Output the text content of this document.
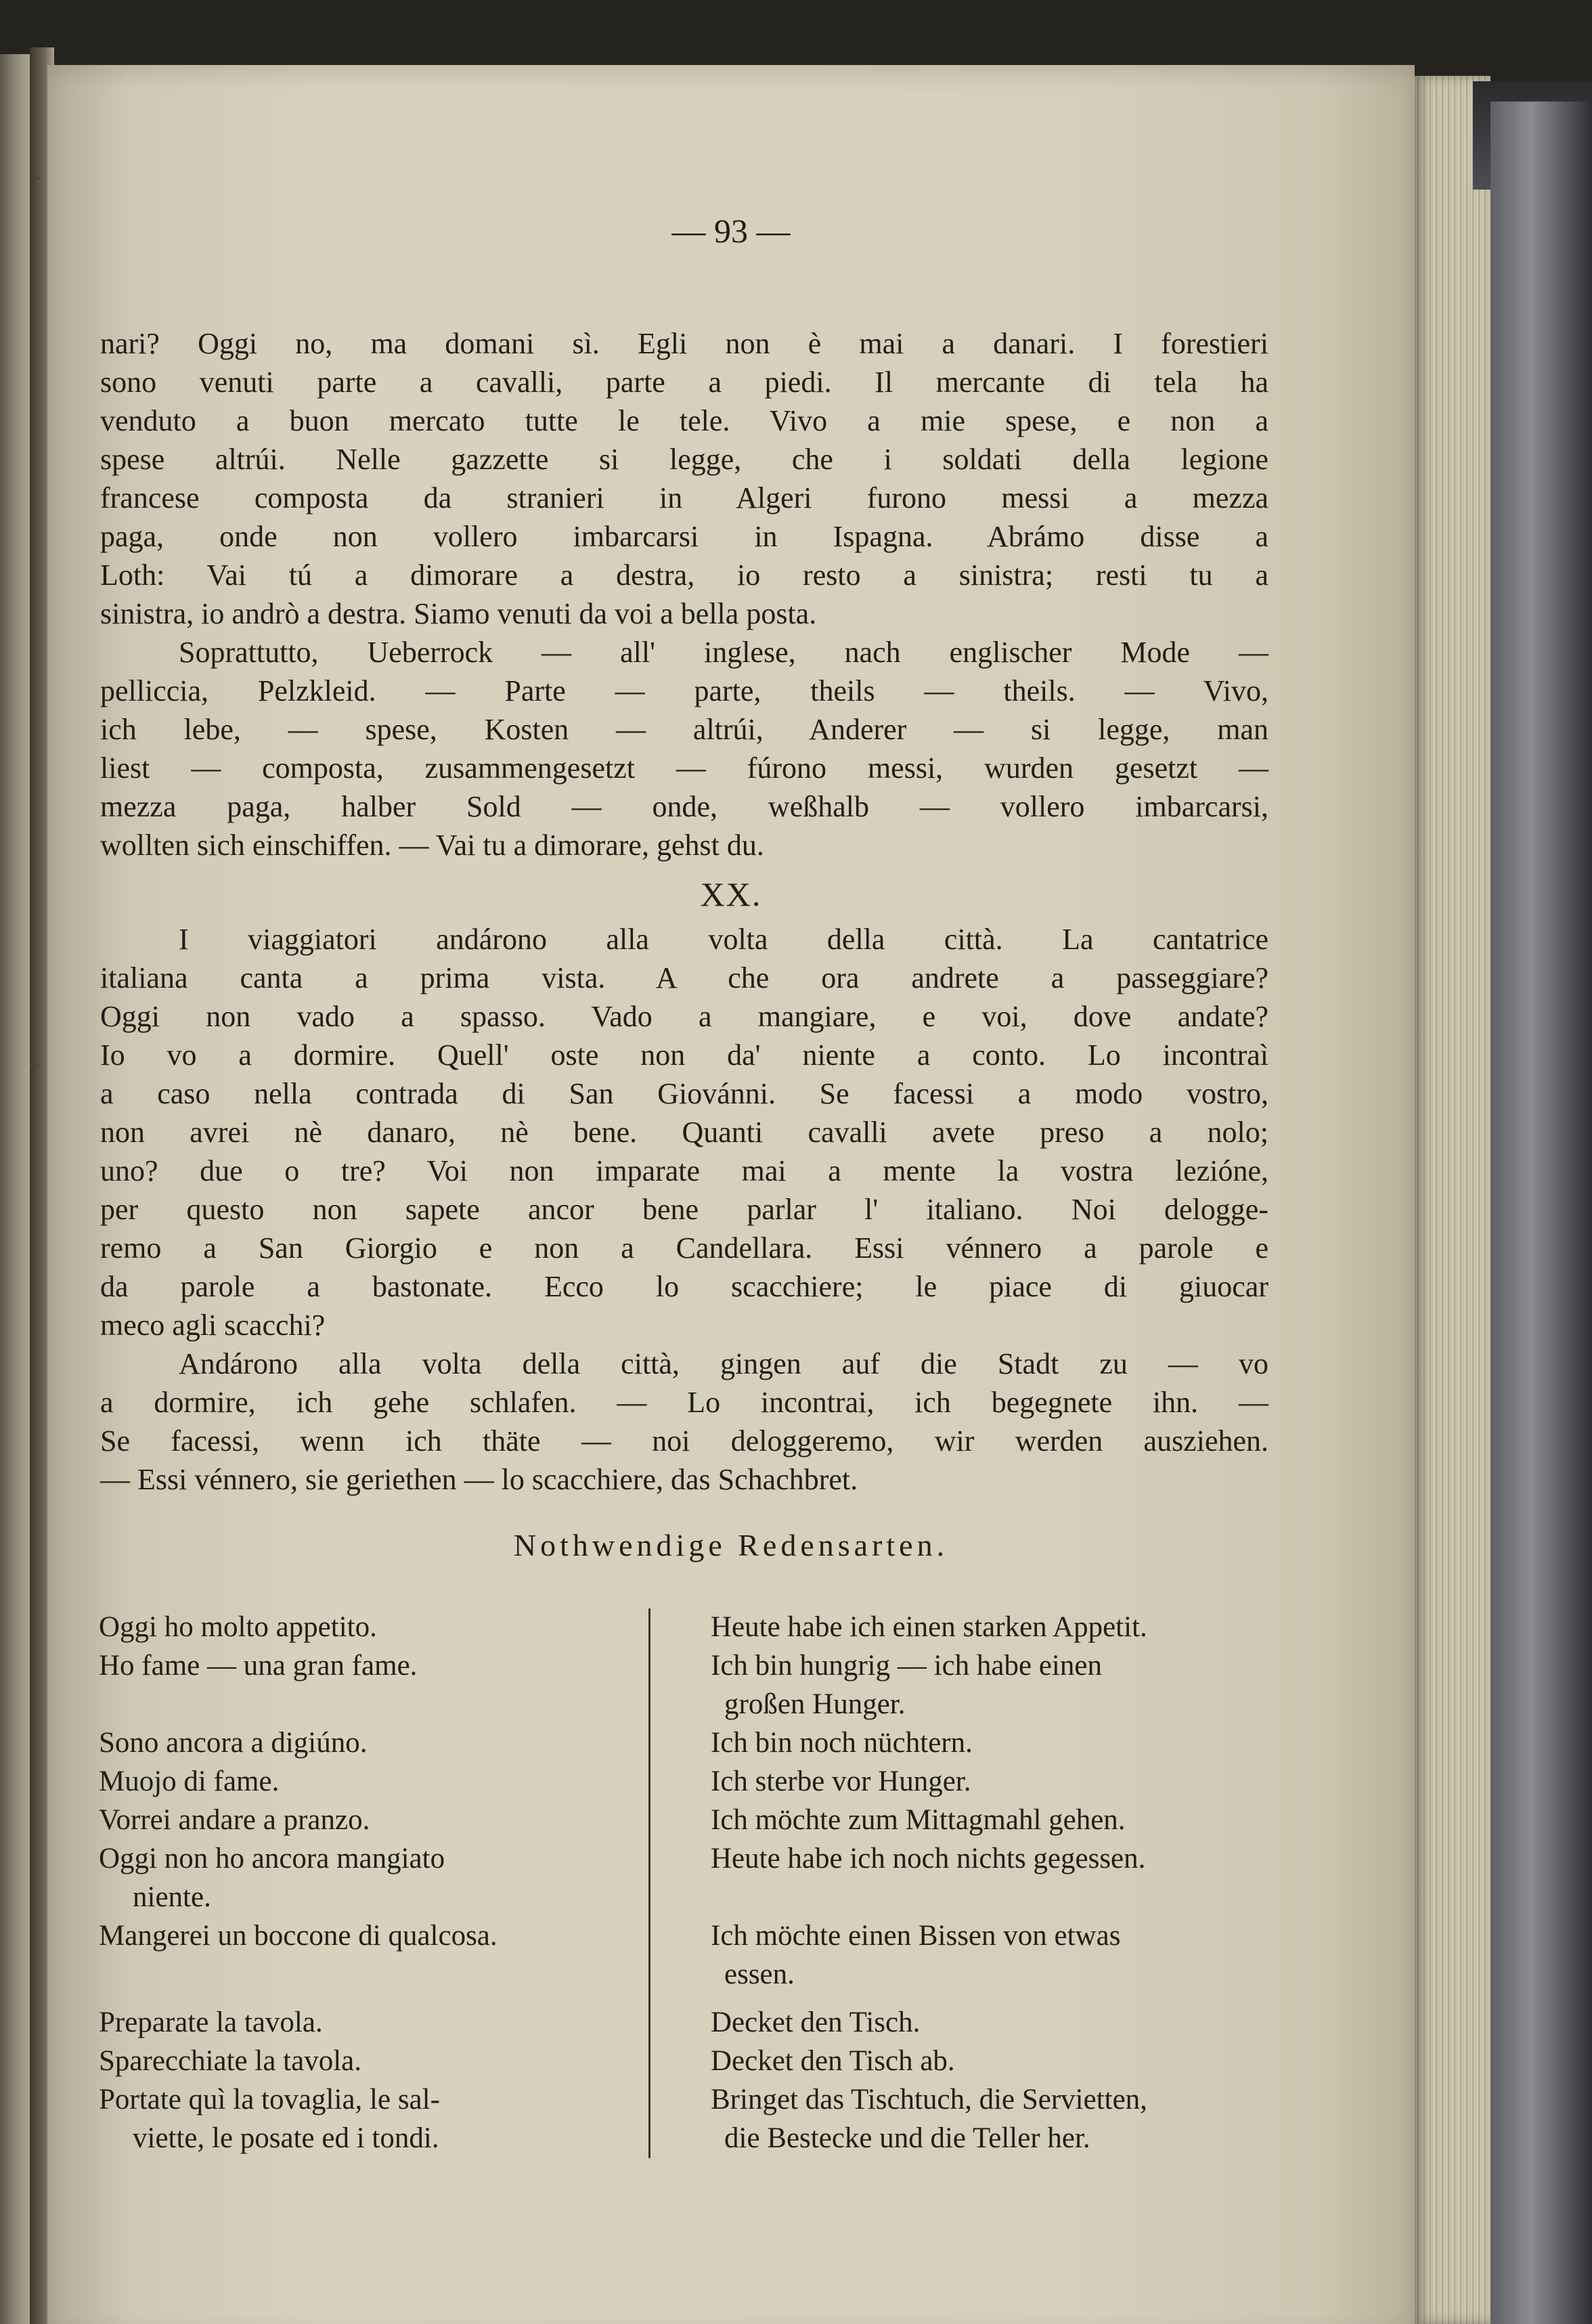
— 93 —
nari? Oggi no, ma domani sì. Egli non è mai a danari. I forestieri
sono venuti parte a cavalli, parte a piedi. Il mercante di tela ha
venduto a buon mercato tutte le tele. Vivo a mie spese, e non a
spese altrúi. Nelle gazzette si legge, che i soldati della legione
francese composta da stranieri in Algeri furono messi a mezza
paga, onde non vollero imbarcarsi in Ispagna. Abrámo disse a
Loth: Vai tú a dimorare a destra, io resto a sinistra; resti tu a
sinistra, io andrò a destra. Siamo venuti da voi a bella posta.
Soprattutto, Ueberrock — all' inglese, nach englischer Mode —
pelliccia, Pelzkleid. — Parte — parte, theils — theils. — Vivo,
ich lebe, — spese, Kosten — altrúi, Anderer — si legge, man
liest — composta, zusammengesetzt — fúrono messi, wurden gesetzt —
mezza paga, halber Sold — onde, weßhalb — vollero imbarcarsi,
wollten sich einschiffen. — Vai tu a dimorare, gehst du.
XX.
I viaggiatori andárono alla volta della città. La cantatrice
italiana canta a prima vista. A che ora andrete a passeggiare?
Oggi non vado a spasso. Vado a mangiare, e voi, dove andate?
Io vo a dormire. Quell' oste non da' niente a conto. Lo incontraì
a caso nella contrada di San Giovánni. Se facessi a modo vostro,
non avrei nè danaro, nè bene. Quanti cavalli avete preso a nolo;
uno? due o tre? Voi non imparate mai a mente la vostra lezióne,
per questo non sapete ancor bene parlar l' italiano. Noi delogge-
remo a San Giorgio e non a Candellara. Essi vénnero a parole e
da parole a bastonate. Ecco lo scacchiere; le piace di giuocar
meco agli scacchi?
Andárono alla volta della città, gingen auf die Stadt zu — vo
a dormire, ich gehe schlafen. — Lo incontrai, ich begegnete ihn. —
Se facessi, wenn ich thäte — noi deloggeremo, wir werden ausziehen.
— Essi vénnero, sie geriethen — lo scacchiere, das Schachbret.
Nothwendige Redensarten.
Oggi ho molto appetito.	Heute habe ich einen starken Appetit.
Ho fame — una gran fame.	Ich bin hungrig — ich habe einen
großen Hunger.
Sono ancora a digiúno.	Ich bin noch nüchtern.
Muojo di fame.	Ich sterbe vor Hunger.
Vorrei andare a pranzo.	Ich möchte zum Mittagmahl gehen.
Oggi non ho ancora mangiato	Heute habe ich noch nichts gegessen.
niente.
Mangerei un boccone di qualcosa.	Ich möchte einen Bissen von etwas
essen.
Preparate la tavola.	Decket den Tisch.
Sparecchiate la tavola.	Decket den Tisch ab.
Portate quì la tovaglia, le sal-	Bringet das Tischtuch, die Servietten,
viette, le posate ed i tondi.	die Bestecke und die Teller her.
